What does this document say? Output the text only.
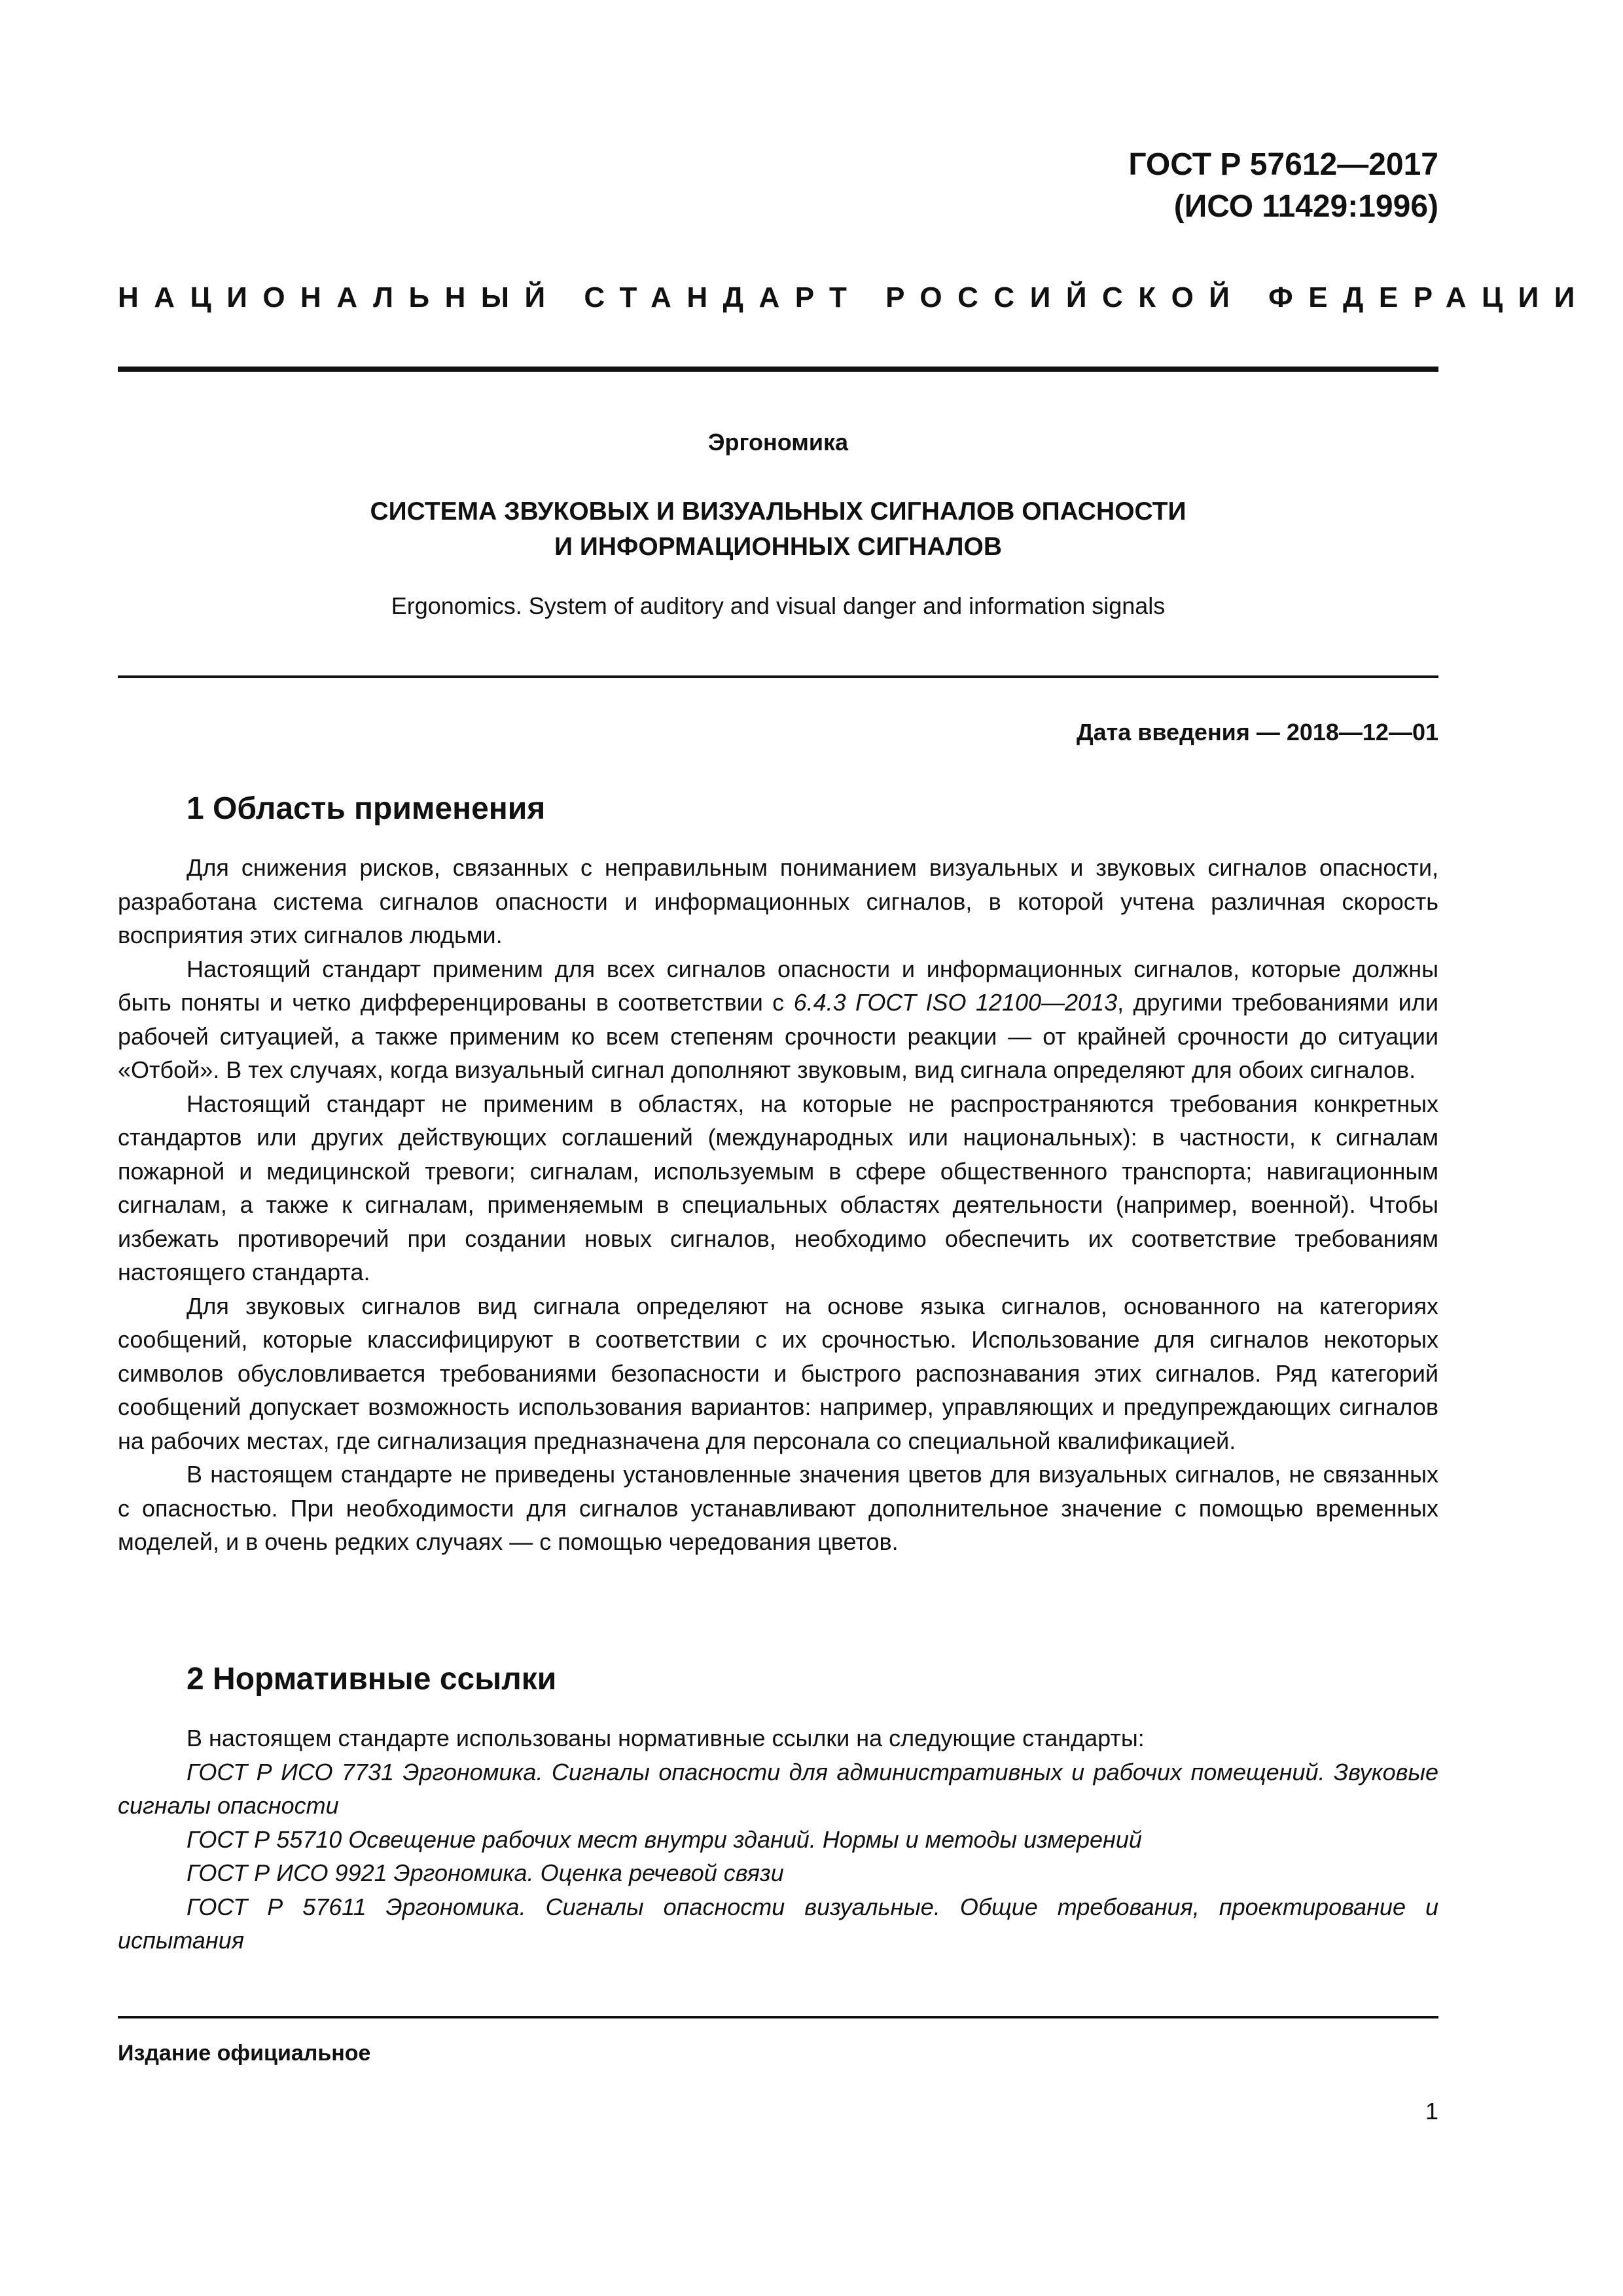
ГОСТ Р 57612—2017
(ИСО 11429:1996)
НАЦИОНАЛЬНЫЙ СТАНДАРТ РОССИЙСКОЙ ФЕДЕРАЦИИ
Эргономика
СИСТЕМА ЗВУКОВЫХ И ВИЗУАЛЬНЫХ СИГНАЛОВ ОПАСНОСТИ
И ИНФОРМАЦИОННЫХ СИГНАЛОВ
Ergonomics. System of auditory and visual danger and information signals
Дата введения — 2018—12—01
1 Область применения

Для снижения рисков, связанных с неправильным пониманием визуальных и звуковых сигналов опасности, разработана система сигналов опасности и информационных сигналов, в которой учтена различная скорость восприятия этих сигналов людьми.

Настоящий стандарт применим для всех сигналов опасности и информационных сигналов, которые должны быть поняты и четко дифференцированы в соответствии с 6.4.3 ГОСТ ISO 12100—2013, другими требованиями или рабочей ситуацией, а также применим ко всем степеням срочности реакции — от крайней срочности до ситуации «Отбой». В тех случаях, когда визуальный сигнал дополняют звуковым, вид сигнала определяют для обоих сигналов.

Настоящий стандарт не применим в областях, на которые не распространяются требования конкретных стандартов или других действующих соглашений (международных или национальных): в частности, к сигналам пожарной и медицинской тревоги; сигналам, используемым в сфере общественного транспорта; навигационным сигналам, а также к сигналам, применяемым в специальных областях деятельности (например, военной). Чтобы избежать противоречий при создании новых сигналов, необходимо обеспечить их соответствие требованиям настоящего стандарта.

Для звуковых сигналов вид сигнала определяют на основе языка сигналов, основанного на категориях сообщений, которые классифицируют в соответствии с их срочностью. Использование для сигналов некоторых символов обусловливается требованиями безопасности и быстрого распознавания этих сигналов. Ряд категорий сообщений допускает возможность использования вариантов: например, управляющих и предупреждающих сигналов на рабочих местах, где сигнализация предназначена для персонала со специальной квалификацией.

В настоящем стандарте не приведены установленные значения цветов для визуальных сигналов, не связанных с опасностью. При необходимости для сигналов устанавливают дополнительное значение с помощью временных моделей, и в очень редких случаях — с помощью чередования цветов.

2 Нормативные ссылки

В настоящем стандарте использованы нормативные ссылки на следующие стандарты:

ГОСТ Р ИСО 7731 Эргономика. Сигналы опасности для административных и рабочих помещений. Звуковые сигналы опасности

ГОСТ Р 55710 Освещение рабочих мест внутри зданий. Нормы и методы измерений

ГОСТ Р ИСО 9921 Эргономика. Оценка речевой связи

ГОСТ Р 57611 Эргономика. Сигналы опасности визуальные. Общие требования, проектирование и испытания

Издание официальное
1
